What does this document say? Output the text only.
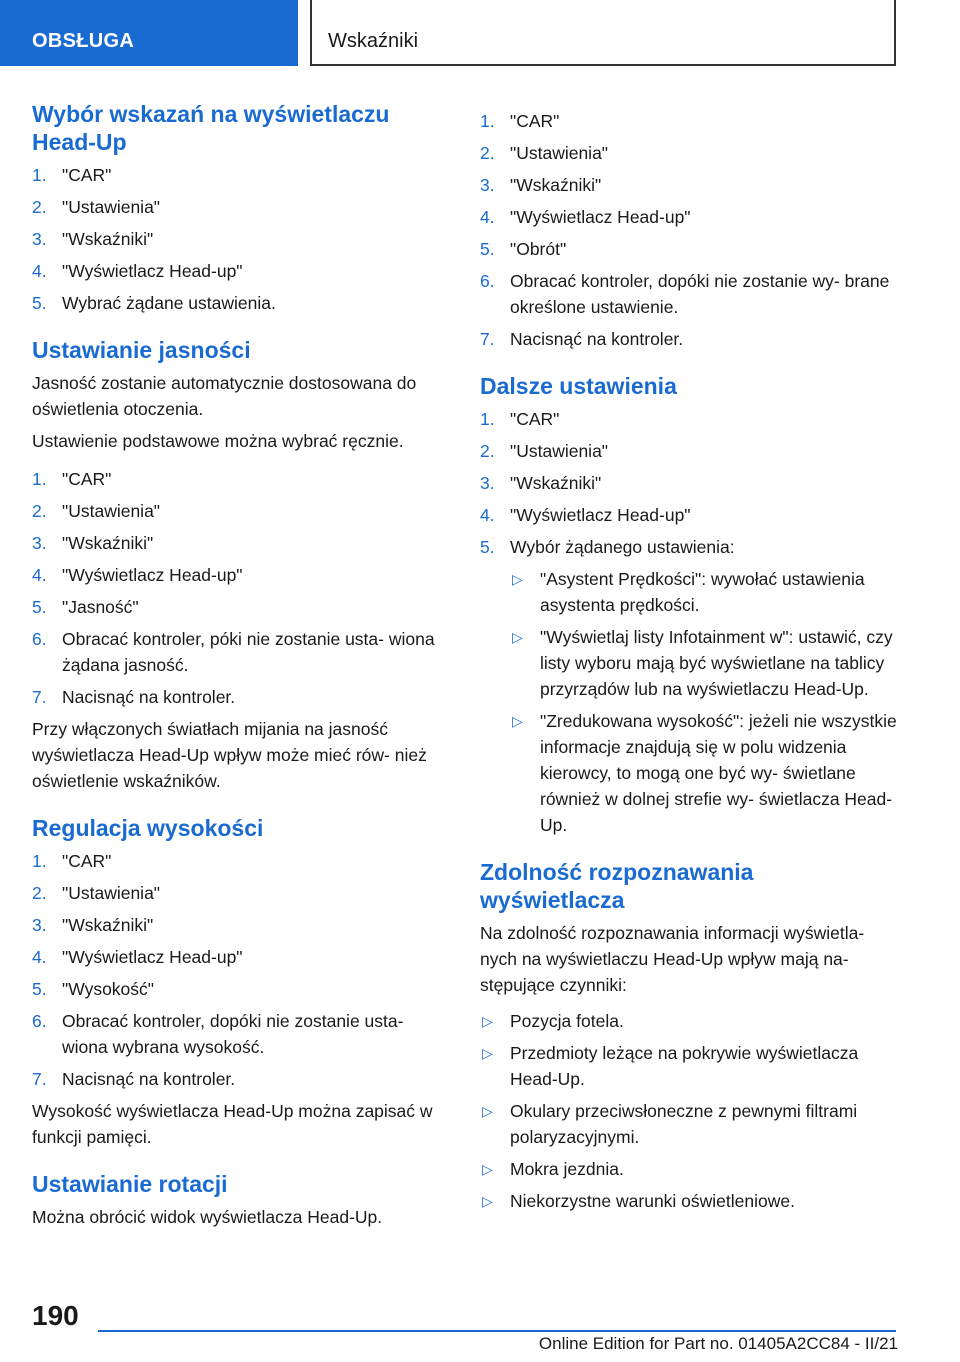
OBSŁUGA	Wskaźniki
Wybór wskazań na wyświetlaczu Head-Up
1. "CAR"
2. "Ustawienia"
3. "Wskaźniki"
4. "Wyświetlacz Head-up"
5. Wybrać żądane ustawienia.
Ustawianie jasności

Jasność zostanie automatycznie dostosowana do oświetlenia otoczenia.

Ustawienie podstawowe można wybrać ręcznie.

1. "CAR"
2. "Ustawienia"
3. "Wskaźniki"
4. "Wyświetlacz Head-up"
5. "Jasność"
6. Obracać kontroler, póki nie zostanie usta- wiona żądana jasność.
7. Nacisnąć na kontroler.

Przy włączonych światłach mijania na jasność wyświetlacza Head-Up wpływ może mieć rów- nież oświetlenie wskaźników.

Regulacja wysokości
1. "CAR"
2. "Ustawienia"
3. "Wskaźniki"
4. "Wyświetlacz Head-up"
5. "Wysokość"
6. Obracać kontroler, dopóki nie zostanie usta- wiona wybrana wysokość.
7. Nacisnąć na kontroler.

Wysokość wyświetlacza Head-Up można zapisać w funkcji pamięci.

Ustawianie rotacji

Można obrócić widok wyświetlacza Head-Up.

1. "CAR"
2. "Ustawienia"
3. "Wskaźniki"
4. "Wyświetlacz Head-up"
5. "Obrót"
6. Obracać kontroler, dopóki nie zostanie wy- brane określone ustawienie.
7. Nacisnąć na kontroler.
Dalsze ustawienia
1. "CAR"
2. "Ustawienia"
3. "Wskaźniki"
4. "Wyświetlacz Head-up"
5. Wybór żądanego ustawienia:
▷ "Asystent Prędkości": wywołać ustawienia asystenta prędkości.
▷ "Wyświetlaj listy Infotainment w": ustawić, czy listy wyboru mają być wyświetlane na tablicy przyrządów lub na wyświetlaczu Head-Up.
▷ "Zredukowana wysokość": jeżeli nie wszystkie informacje znajdują się w polu widzenia kierowcy, to mogą one być wy- świetlane również w dolnej strefie wy- świetlacza Head-Up.
Zdolność rozpoznawania wyświetlacza

Na zdolność rozpoznawania informacji wyświetla- nych na wyświetlaczu Head-Up wpływ mają na- stępujące czynniki:

▷ Pozycja fotela.
▷ Przedmioty leżące na pokrywie wyświetlacza Head-Up.
▷ Okulary przeciwsłoneczne z pewnymi filtrami polaryzacyjnymi.
▷ Mokra jezdnia.
▷ Niekorzystne warunki oświetleniowe.
190
Online Edition for Part no. 01405A2CC84 - II/21
